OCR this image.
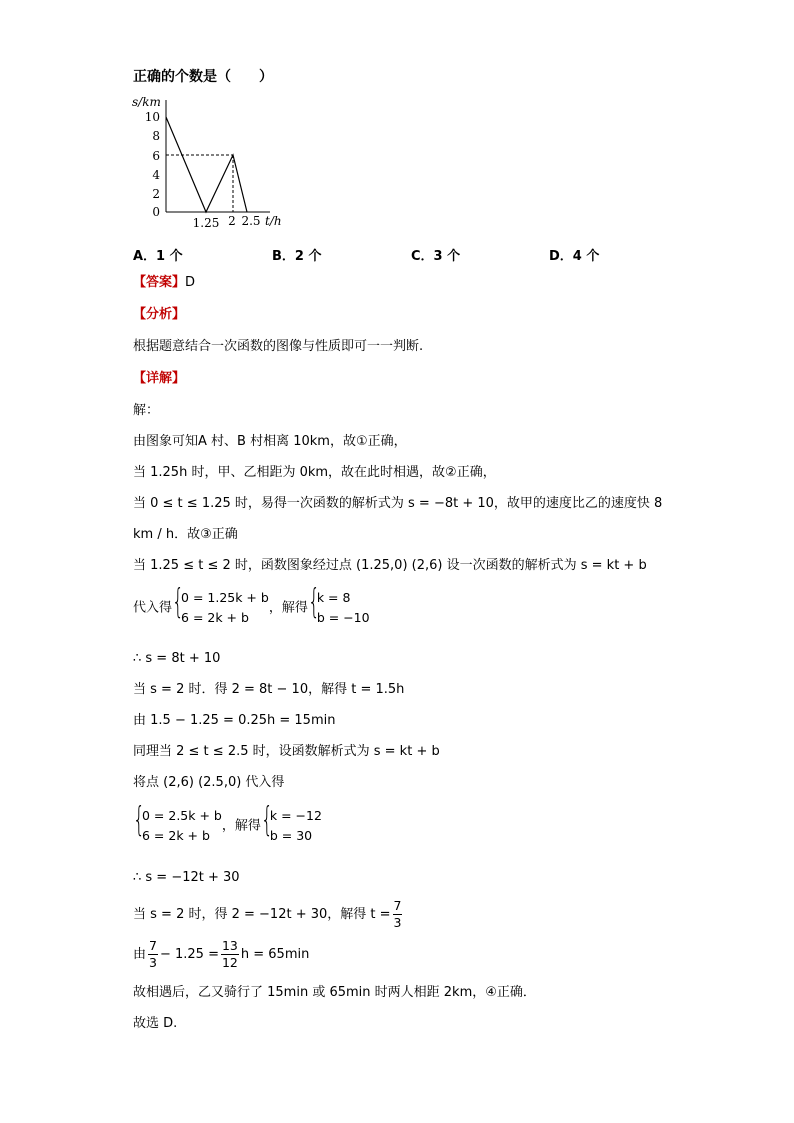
正确的个数是（　　）
s/km
10
8
6
4
2
0
1.25 2 2.5 t/h
A．1 个	B．2 个	C．3 个	D．4 个
【答案】D
【分析】
根据题意结合一次函数的图像与性质即可一一判断.
【详解】
解：
由图象可知A 村、B 村相离 10km，故①正确，
当 1.25h 时，甲、乙相距为 0km，故在此时相遇，故②正确，
当 0 ≤ t ≤ 1.25 时，易得一次函数的解析式为 s = −8t + 10，故甲的速度比乙的速度快 8
km / h．故③正确
当 1.25 ≤ t ≤ 2 时，函数图象经过点 (1.25,0) (2,6) 设一次函数的解析式为 s = kt + b
代入得 {
0 = 1.25k + b
6 = 2k + b
，解得 {
k = 8
b = −10
∴ s = 8t + 10
当 s = 2 时．得 2 = 8t − 10，解得 t = 1.5h
由 1.5 − 1.25 = 0.25h = 15min
同理当 2 ≤ t ≤ 2.5 时，设函数解析式为 s = kt + b
将点 (2,6) (2.5,0) 代入得
{
0 = 2.5k + b
6 = 2k + b
，解得 {
k = −12
b = 30
∴ s = −12t + 30
当 s = 2 时，得 2 = −12t + 30，解得 $t = \frac{7}{3}$
由 $\frac{7}{3} - 1.25 = \frac{13}{12}$ h = 65min
故相遇后，乙又骑行了 15min 或 65min 时两人相距 2km，④正确．
故选 D.
